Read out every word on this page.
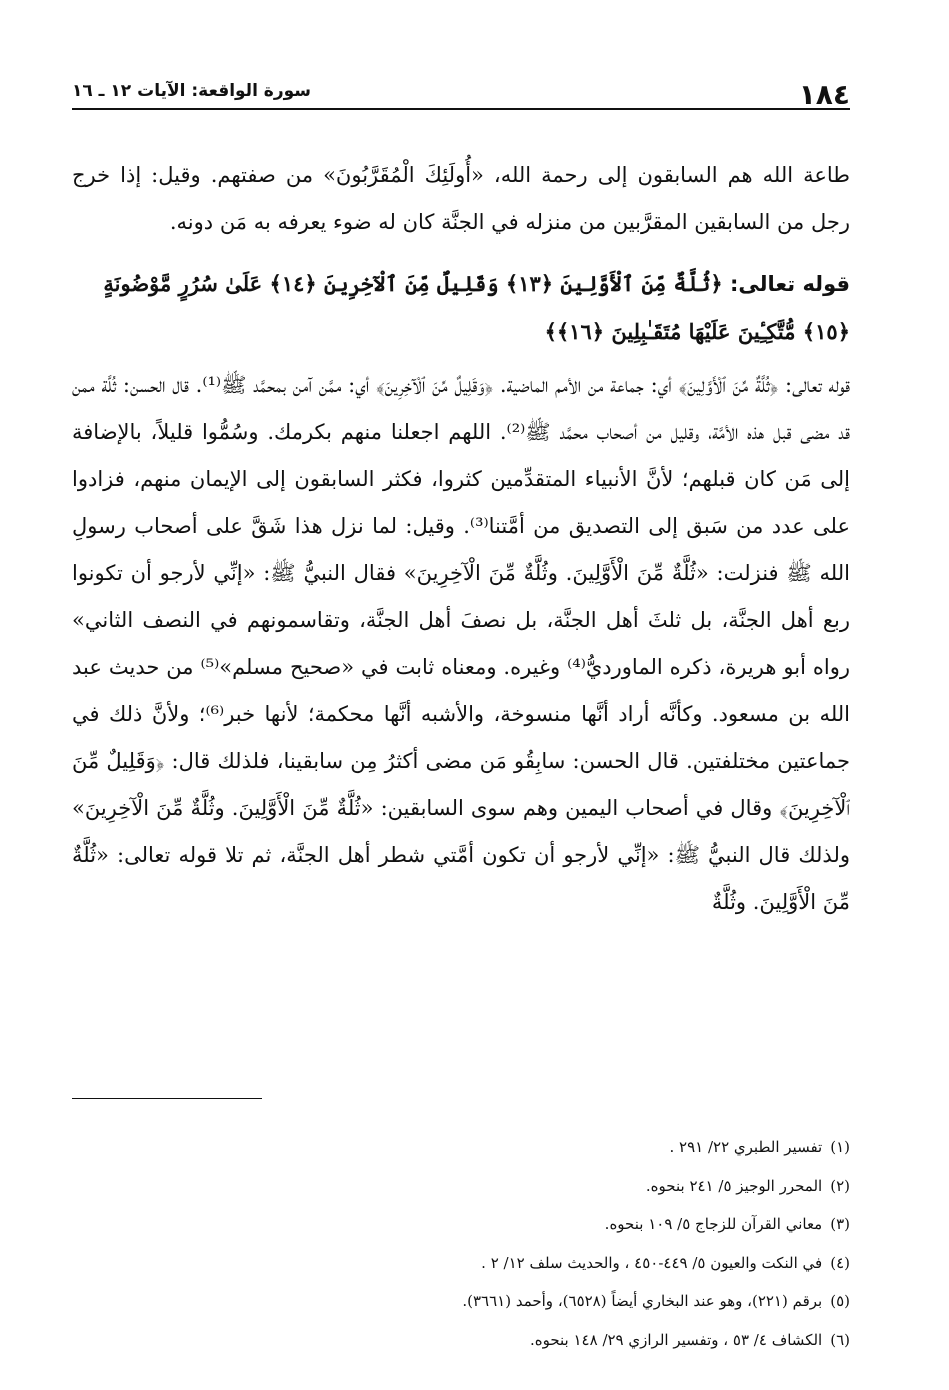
١٨٤
سورة الواقعة: الآيات ١٢ ـ ١٦

طاعة الله هم السابقون إلى رحمة الله، «أُولَئِكَ الْمُقَرَّبُونَ» من صفتهم. وقيل: إذا خرج رجل من السابقين المقرَّبين من منزله في الجنَّة كان له ضوء يعرفه به مَن دونه.

قوله تعالى: ﴿ثُلَّةٌ مِّنَ ٱلْأَوَّلِينَ ﴿١٣﴾ وَقَلِيلٌ مِّنَ ٱلْآخِرِينَ ﴿١٤﴾ عَلَىٰ سُرُرٍ مَّوْضُونَةٍ ﴿١٥﴾ مُّتَّكِـِٔينَ عَلَيْهَا مُتَقَـٰبِلِينَ ﴿١٦﴾﴾

قوله تعالى: ﴿ثُلَّةٌ مِّنَ ٱلْأَوَّلِينَ﴾ أي: جماعة من الأمم الماضية. ﴿وَقَلِيلٌ مِّنَ ٱلْآخِرِينَ﴾ أي: ممَّن آمن بمحمَّد ﷺ⁽¹⁾. قال الحسن: ثُلَّة ممن قد مضى قبل هذه الأمَّة، وقليل من أصحاب محمَّد ﷺ⁽²⁾. اللهم اجعلنا منهم بكرمك. وسُمُّوا قليلاً، بالإضافة إلى مَن كان قبلهم؛ لأنَّ الأنبياء المتقدِّمين كثروا، فكثر السابقون إلى الإيمان منهم، فزادوا على عدد من سَبق إلى التصديق من أمَّتنا⁽³⁾. وقيل: لما نزل هذا شَقَّ على أصحاب رسولِ الله ﷺ فنزلت: «ثُلَّةٌ مِّنَ الْأَوَّلِينَ. وثُلَّةٌ مِّنَ الْآخِرِينَ» فقال النبيُّ ﷺ: «إنِّي لأرجو أن تكونوا ربع أهل الجنَّة، بل ثلثَ أهل الجنَّة، بل نصفَ أهل الجنَّة، وتقاسمونهم في النصف الثاني» رواه أبو هريرة، ذكره الماورديُّ⁽⁴⁾ وغيره. ومعناه ثابت في «صحيح مسلم»⁽⁵⁾ من حديث عبد الله بن مسعود. وكأنَّه أراد أنَّها منسوخة، والأشبه أنَّها محكمة؛ لأنها خبر⁽⁶⁾؛ ولأنَّ ذلك في جماعتين مختلفتين. قال الحسن: سابِقُو مَن مضى أكثرُ مِن سابقينا، فلذلك قال: ﴿وَقَلِيلٌ مِّنَ ٱلْآخِرِينَ﴾ وقال في أصحاب اليمين وهم سوى السابقين: «ثُلَّةٌ مِّنَ الْأَوَّلِينَ. وثُلَّةٌ مِّنَ الْآخِرِينَ» ولذلك قال النبيُّ ﷺ: «إنِّي لأرجو أن تكون أمَّتي شطر أهل الجنَّة، ثم تلا قوله تعالى: «ثُلَّةٌ مِّنَ الْأَوَّلِينَ. وثُلَّةٌ

(١)تفسير الطبري ٢٢/ ٢٩١ .

(٢)المحرر الوجيز ٥/ ٢٤١ بنحوه.

(٣)معاني القرآن للزجاج ٥/ ١٠٩ بنحوه.

(٤)في النكت والعيون ٥/ ٤٤٩-٤٥٠ ، والحديث سلف ١٢/ ٢ .

(٥)برقم (٢٢١)، وهو عند البخاري أيضاً (٦٥٢٨)، وأحمد (٣٦٦١).

(٦)الكشاف ٤/ ٥٣ ، وتفسير الرازي ٢٩/ ١٤٨ بنحوه.
